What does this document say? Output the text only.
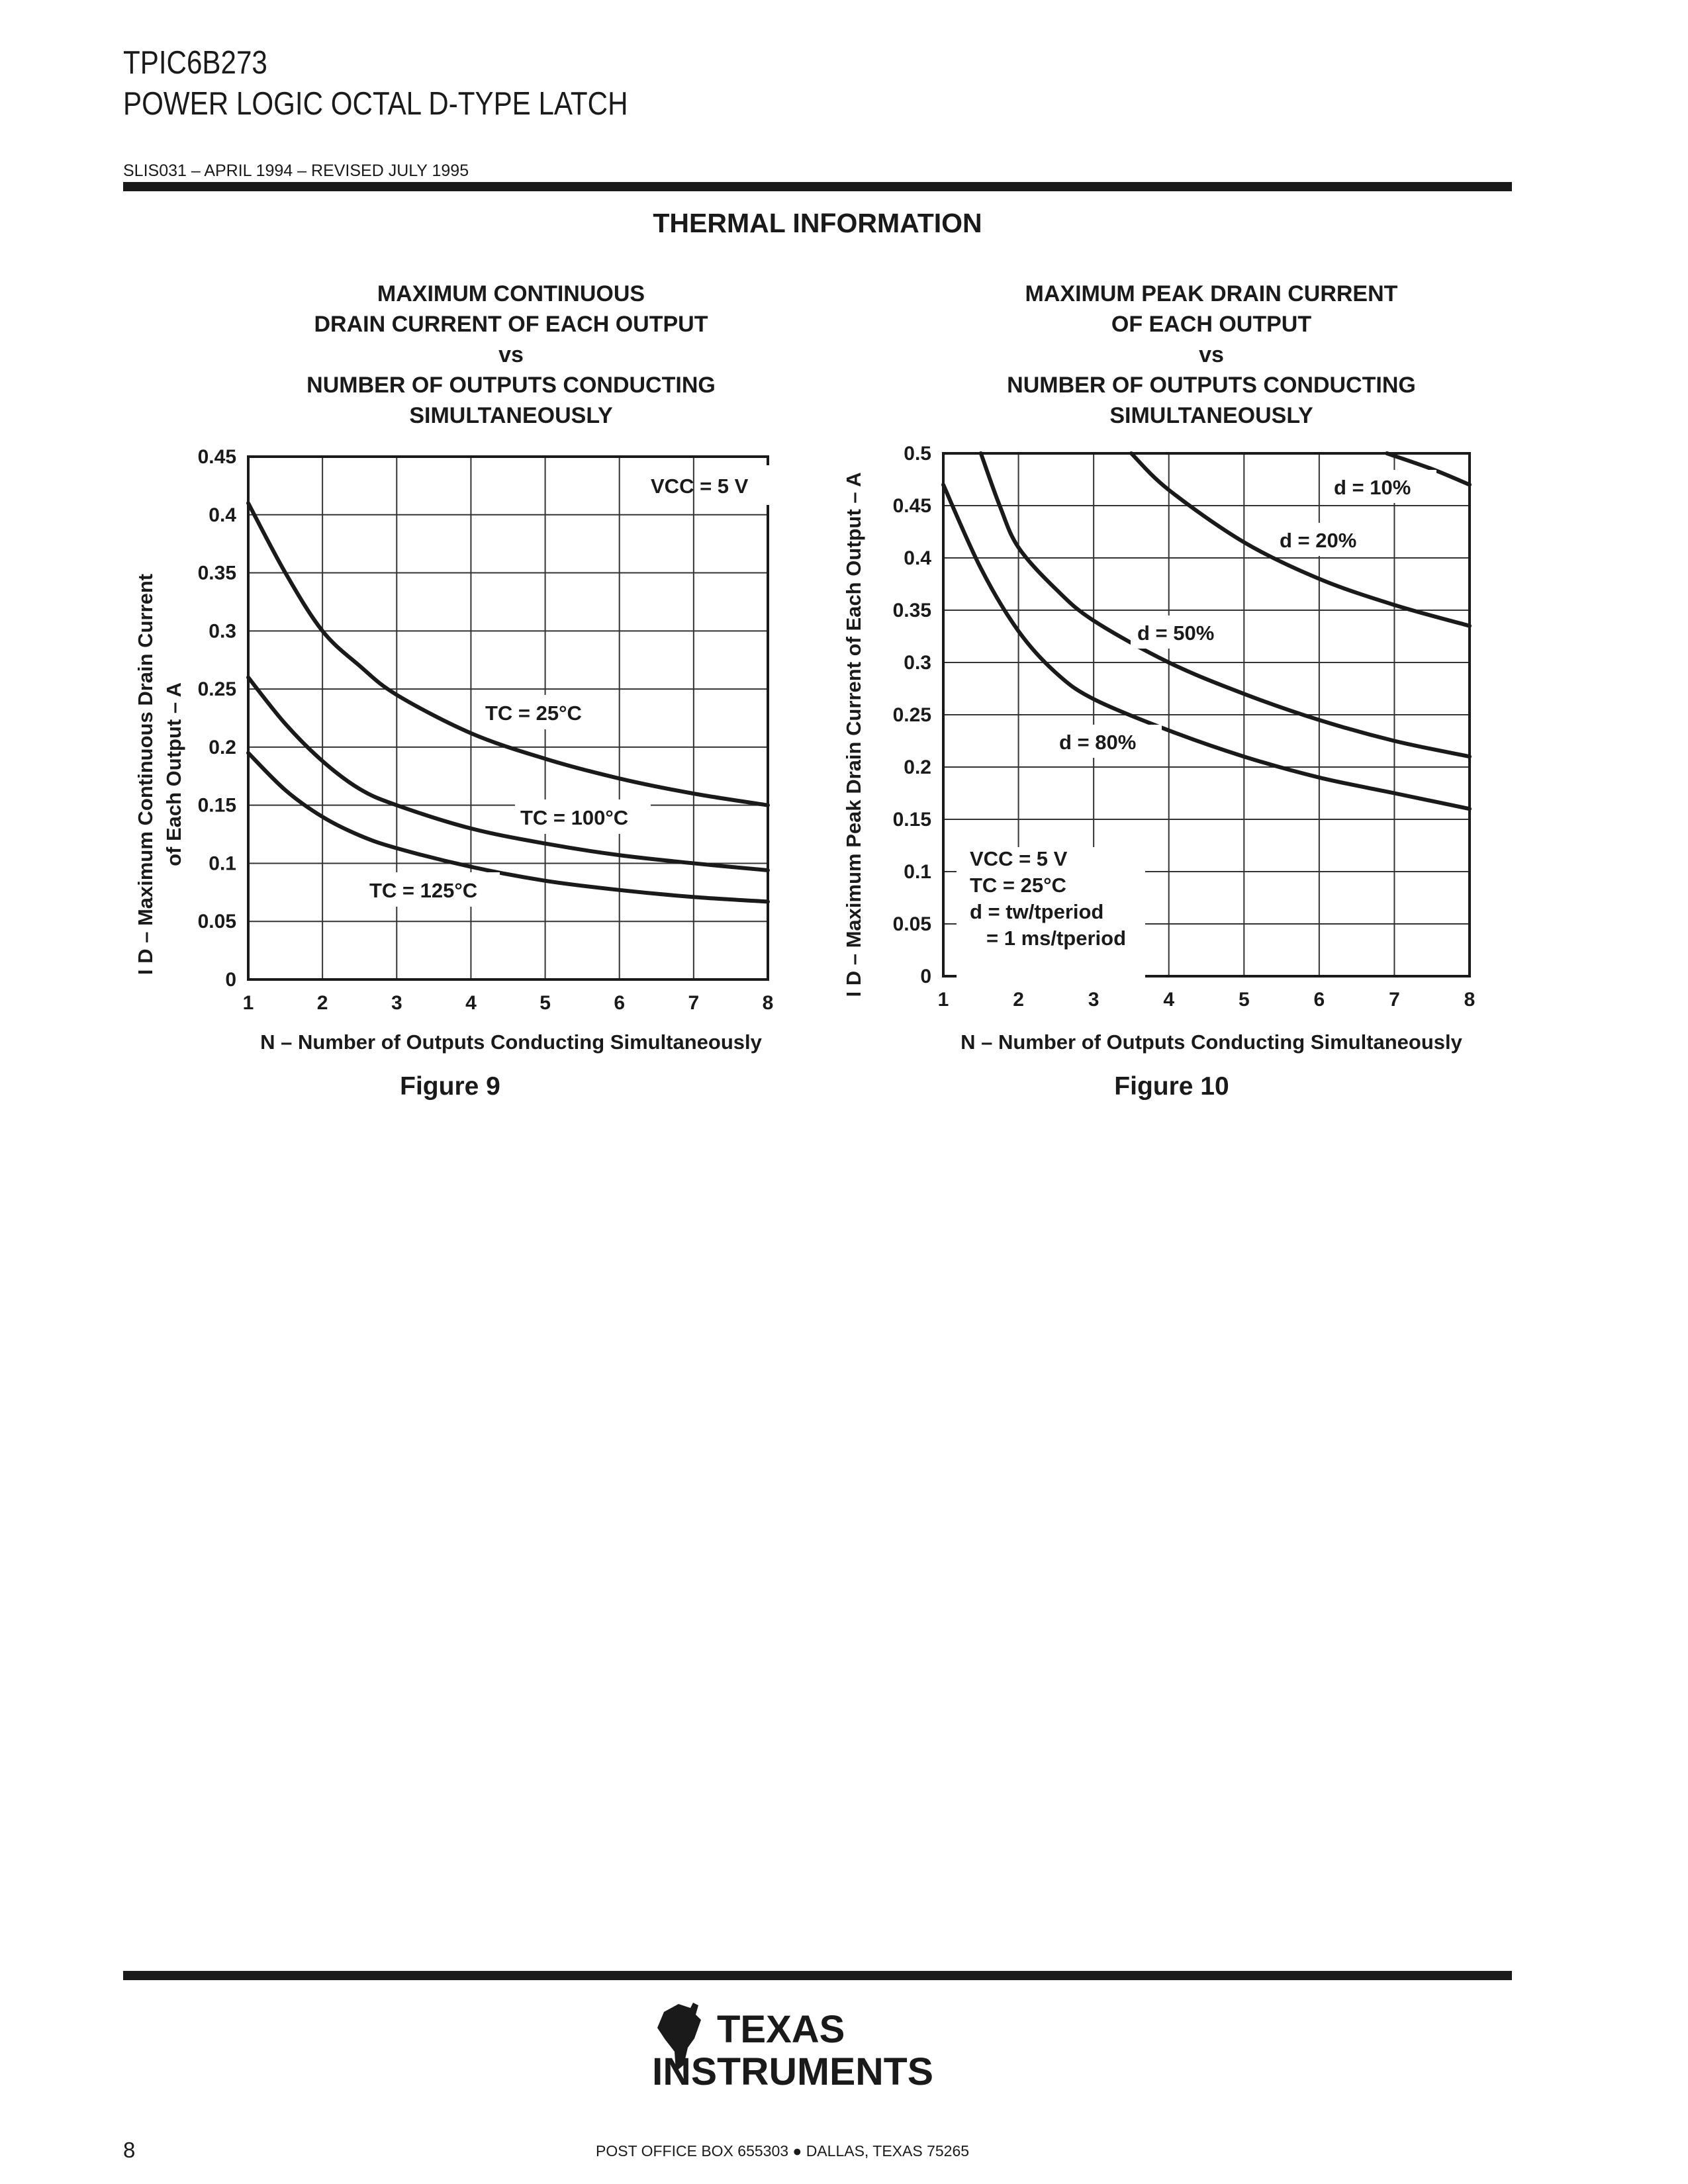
TPIC6B273
POWER LOGIC OCTAL D-TYPE LATCH
SLIS031 – APRIL 1994 – REVISED JULY 1995
THERMAL INFORMATION
MAXIMUM CONTINUOUS
DRAIN CURRENT OF EACH OUTPUT
vs
NUMBER OF OUTPUTS CONDUCTING
SIMULTANEOUSLY
1	2	3	4	5	6	7	8
0
0.05
0.1
0.15
0.2
0.25
0.3
0.35
0.4
0.45
N – Number of Outputs Conducting Simultaneously
I D – Maximum Continuous Drain Current of Each Output – A
VCC = 5 V
TC = 25°C
TC = 100°C
TC = 125°C
MAXIMUM PEAK DRAIN CURRENT
OF EACH OUTPUT
vs
NUMBER OF OUTPUTS CONDUCTING
SIMULTANEOUSLY
1	2	3	4	5	6	7	8
0
0.05
0.1
0.15
0.2
0.25
0.3
0.35
0.4
0.45
0.5
N – Number of Outputs Conducting Simultaneously
I D – Maximum Peak Drain Current of Each Output – A	d = 10%
d = 20%
d = 50%
d = 80%
VCC = 5 V
TC = 25°C
d = tw/tperiod
= 1 ms/tperiod
Figure 9	Figure 10
ti TEXAS
INSTRUMENTS
8	POST OFFICE BOX 655303 ● DALLAS, TEXAS 75265
